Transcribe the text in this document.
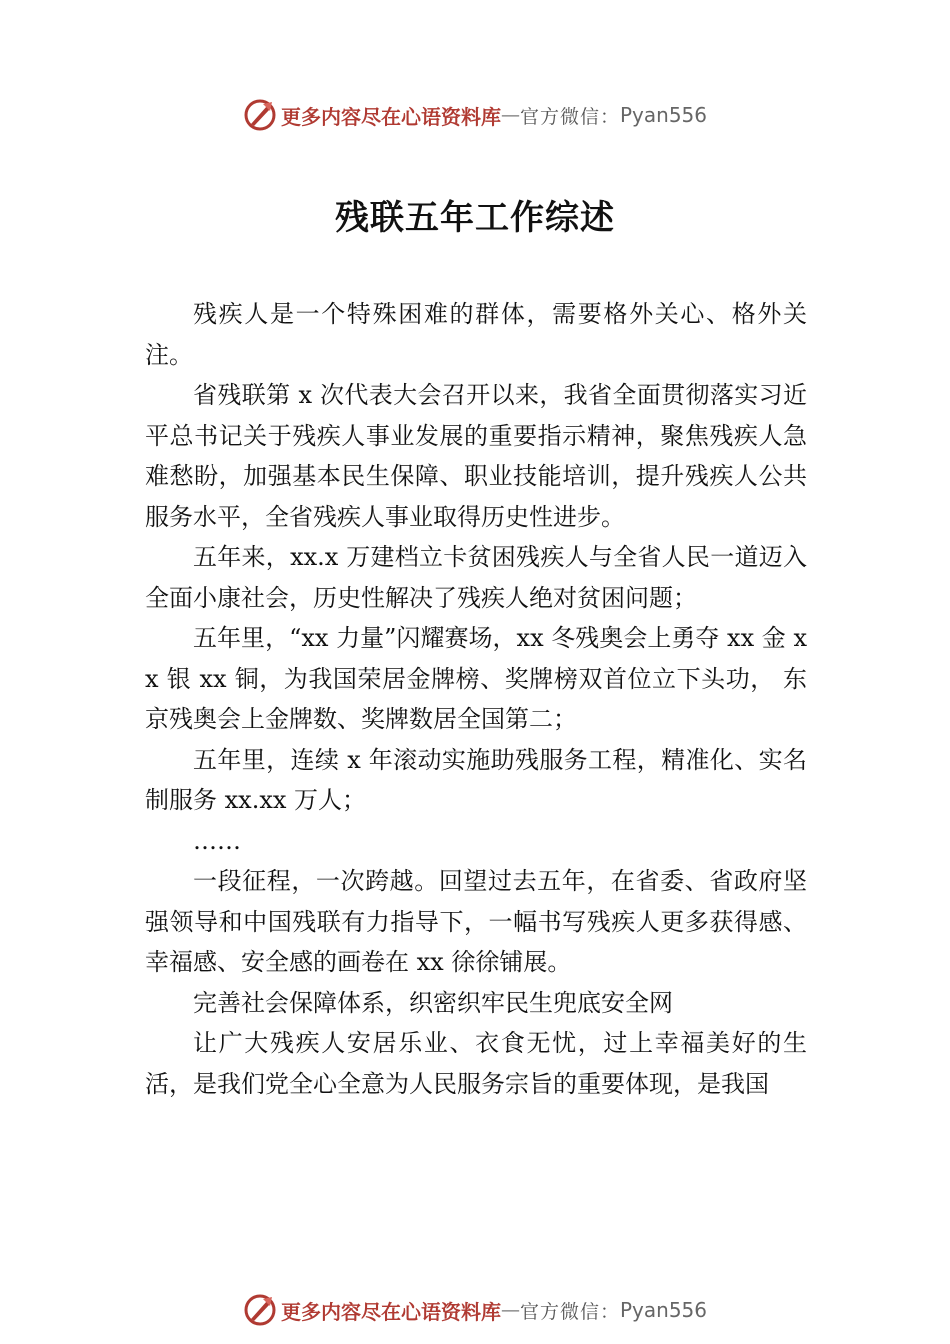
更多内容尽在心语资料库 — 官方微信： Pyan556
残联五年工作综述

残疾人是一个特殊困难的群体，需要格外关心、格外关注。

省残联第 x 次代表大会召开以来，我省全面贯彻落实习近平总书记关于残疾人事业发展的重要指示精神，聚焦残疾人急难愁盼，加强基本民生保障、职业技能培训，提升残疾人公共服务水平，全省残疾人事业取得历史性进步。

五年来，xx.x 万建档立卡贫困残疾人与全省人民一道迈入全面小康社会，历史性解决了残疾人绝对贫困问题；

五年里，“xx 力量”闪耀赛场，xx 冬残奥会上勇夺 xx 金 xx 银 xx 铜，为我国荣居金牌榜、奖牌榜双首位立下头功， 东京残奥会上金牌数、奖牌数居全国第二；

五年里，连续 x 年滚动实施助残服务工程，精准化、实名制服务 xx.xx 万人；

……

一段征程，一次跨越。回望过去五年，在省委、省政府坚强领导和中国残联有力指导下，一幅书写残疾人更多获得感、幸福感、安全感的画卷在 xx 徐徐铺展。

完善社会保障体系，织密织牢民生兜底安全网

让广大残疾人安居乐业、衣食无忧，过上幸福美好的生活，是我们党全心全意为人民服务宗旨的重要体现，是我国

更多内容尽在心语资料库 — 官方微信： Pyan556
